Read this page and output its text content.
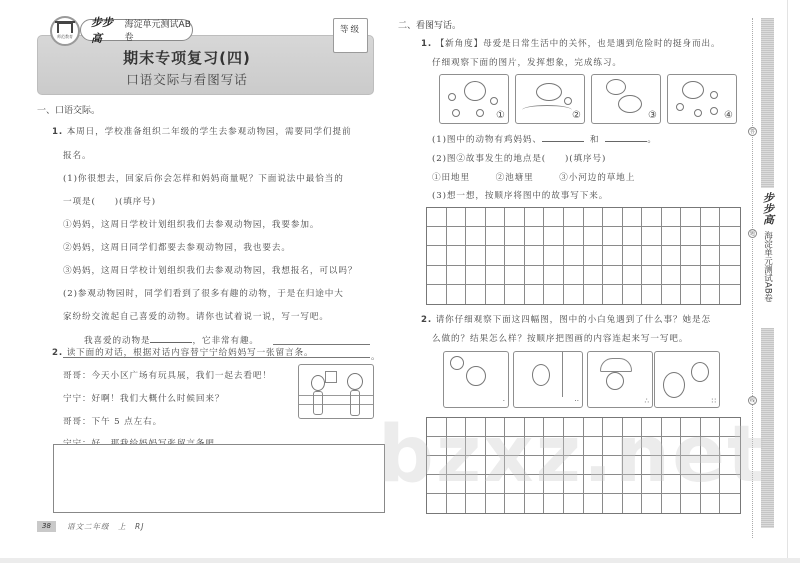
师范教育
步步高
海淀单元测试AB卷
等级
期末专项复习(四)
口语交际与看图写话
一、口语交际。
1. 本周日，学校准备组织二年级的学生去参观动物园，需要同学们提前
报名。
(1)你很想去，回家后你会怎样和妈妈商量呢？下面说法中最恰当的
一项是(　　)(填序号)
①妈妈，这周日学校计划组织我们去参观动物园，我要参加。
②妈妈，这周日同学们都要去参观动物园，我也要去。
③妈妈，这周日学校计划组织我们去参观动物园，我想报名，可以吗？
(2)参观动物园时，同学们看到了很多有趣的动物，于是在归途中大
家纷纷交流起自己喜爱的动物。请你也试着说一说，写一写吧。
我喜爱的动物是	，它非常有趣。
。
2. 读下面的对话，根据对话内容替宁宁给妈妈写一张留言条。
哥哥：今天小区广场有玩具展，我们一起去看吧！
宁宁：好啊！我们大概什么时候回来？
哥哥：下午 5 点左右。
38	语文二年级　上　RJ
二、看图写话。
1. 【新角度】母爱是日常生活中的关怀，也是遇到危险时的挺身而出。
仔细观察下面的图片，发挥想象，完成练习。
①	②	③	④
(1)图中的动物有鸡妈妈、	和	。
(2)图②故事发生的地点是(　　)(填序号)
①田地里	②池塘里	③小河边的草地上
(3)想一想，按顺序将图中的故事写下来。
2. 请你仔细观察下面这四幅图，图中的小白兔遇到了什么事？她是怎
么做的？结果怎么样？按顺序把图画的内容连起来写一写吧。
·	··	∴	∷
步步高
海淀单元测试AB卷
答
题
线
bzxz.net
